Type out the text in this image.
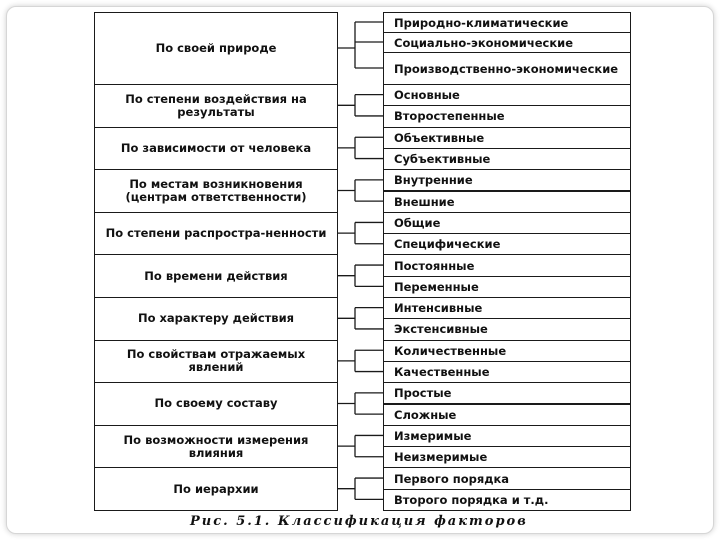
По своей природе
По степени воздействия на результаты
По зависимости от человека
По местам возникновения (центрам ответственности)
По степени распростра-ненности
По времени действия
По характеру действия
По свойствам отражаемых явлений
По своему составу
По возможности измерения влияния
По иерархии
Природно-климатические
Социально-экономические
Производственно-экономические
Основные
Второстепенные
Объективные
Субъективные
Внутренние
Внешние
Общие
Специфические
Постоянные
Переменные
Интенсивные
Экстенсивные
Количественные
Качественные
Простые
Сложные
Измеримые
Неизмеримые
Первого порядка
Второго порядка и т.д.
Рис. 5.1. Классификация факторов
